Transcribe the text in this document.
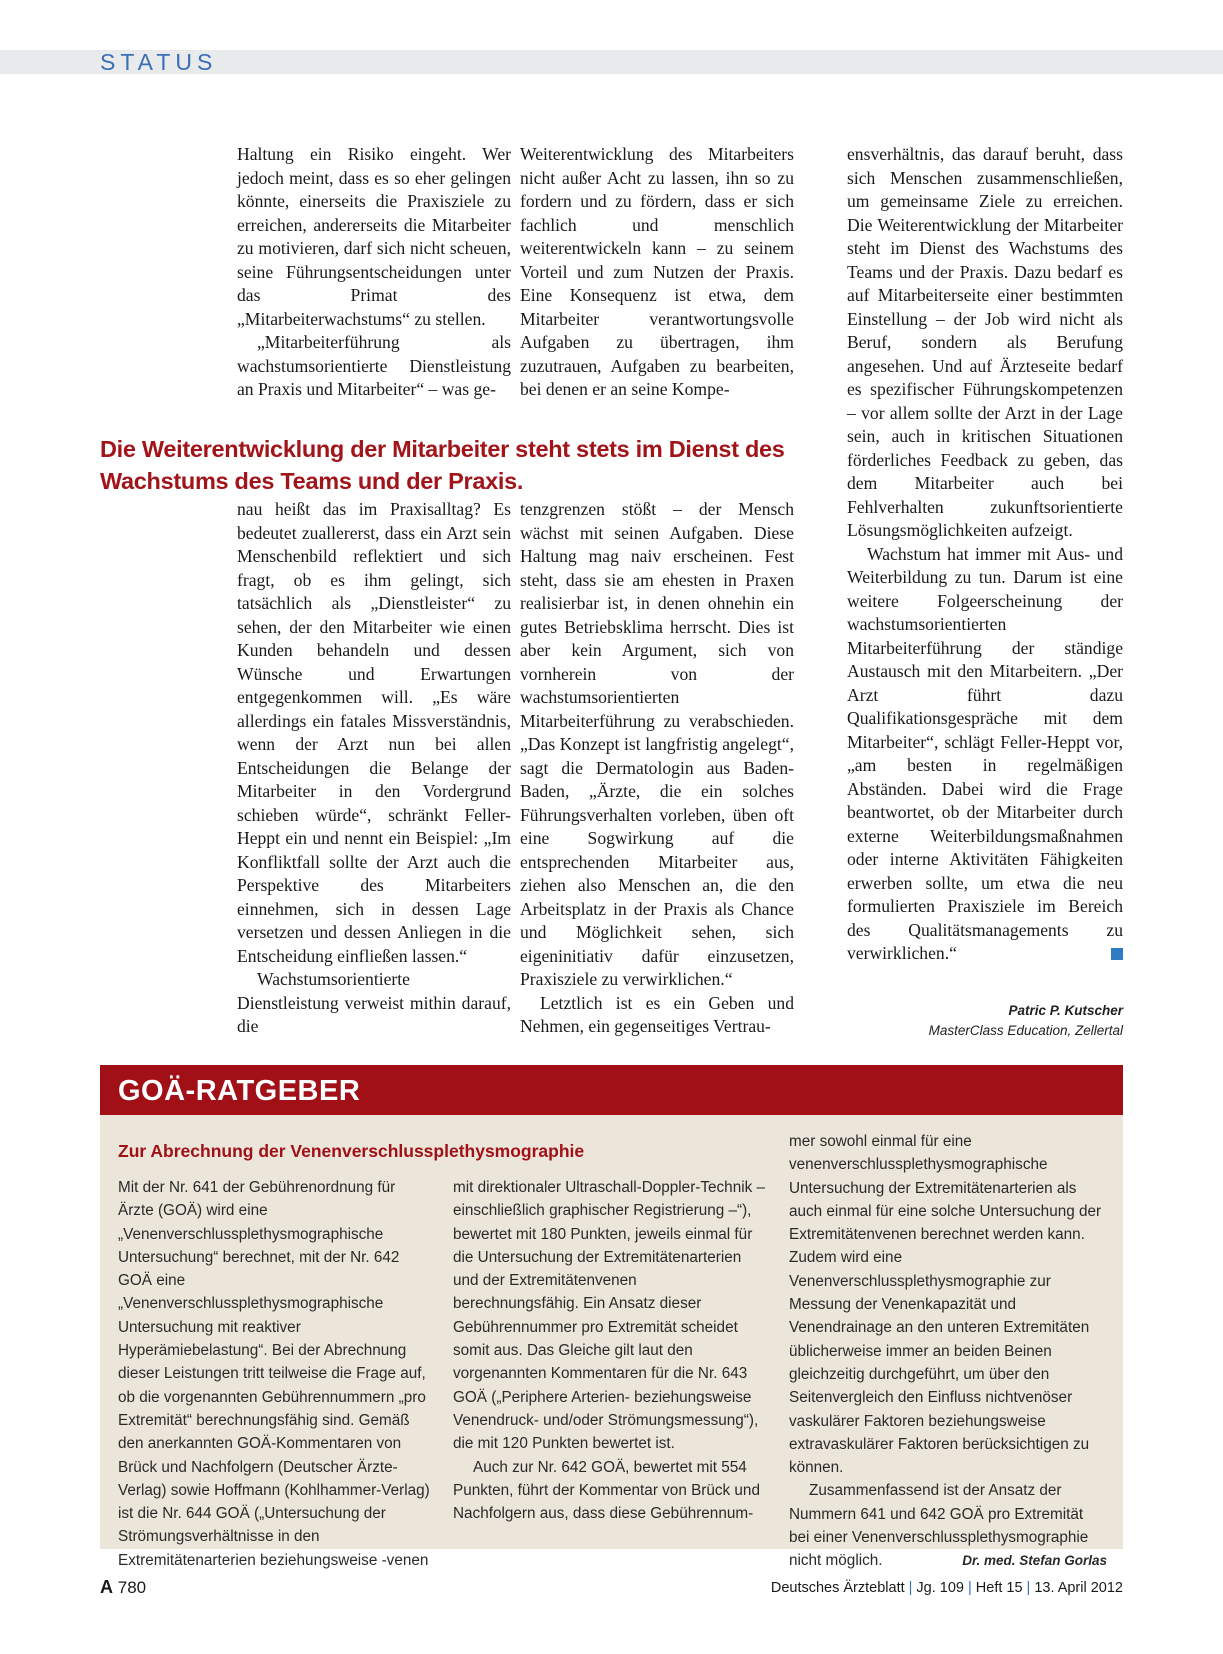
STATUS

Haltung ein Risiko eingeht. Wer jedoch meint, dass es so eher gelingen könnte, einerseits die Praxisziele zu erreichen, andererseits die Mitarbeiter zu motivieren, darf sich nicht scheuen, seine Führungsentscheidungen unter das Primat des „Mitarbeiterwachstums“ zu stellen.

„Mitarbeiterführung als wachstumsorientierte Dienstleistung an Praxis und Mitarbeiter“ – was ge-

Weiterentwicklung des Mitarbeiters nicht außer Acht zu lassen, ihn so zu fordern und zu fördern, dass er sich fachlich und menschlich weiterentwickeln kann – zu seinem Vorteil und zum Nutzen der Praxis. Eine Konsequenz ist etwa, dem Mitarbeiter verantwortungsvolle Aufgaben zu übertragen, ihm zuzutrauen, Aufgaben zu bearbeiten, bei denen er an seine Kompe-

Die Weiterentwicklung der Mitarbeiter steht stets im Dienst des Wachstums des Teams und der Praxis.

nau heißt das im Praxisalltag? Es bedeutet zuallererst, dass ein Arzt sein Menschenbild reflektiert und sich fragt, ob es ihm gelingt, sich tatsächlich als „Dienstleister“ zu sehen, der den Mitarbeiter wie einen Kunden behandeln und dessen Wünsche und Erwartungen entgegenkommen will. „Es wäre allerdings ein fatales Missverständnis, wenn der Arzt nun bei allen Entscheidungen die Belange der Mitarbeiter in den Vordergrund schieben würde“, schränkt Feller-Heppt ein und nennt ein Beispiel: „Im Konfliktfall sollte der Arzt auch die Perspektive des Mitarbeiters einnehmen, sich in dessen Lage versetzen und dessen Anliegen in die Entscheidung einfließen lassen.“

Wachstumsorientierte Dienstleistung verweist mithin darauf, die

tenzgrenzen stößt – der Mensch wächst mit seinen Aufgaben. Diese Haltung mag naiv erscheinen. Fest steht, dass sie am ehesten in Praxen realisierbar ist, in denen ohnehin ein gutes Betriebsklima herrscht. Dies ist aber kein Argument, sich von vornherein von der wachstumsorientierten Mitarbeiterführung zu verabschieden. „Das Konzept ist langfristig angelegt“, sagt die Dermatologin aus Baden-Baden, „Ärzte, die ein solches Führungsverhalten vorleben, üben oft eine Sogwirkung auf die entsprechenden Mitarbeiter aus, ziehen also Menschen an, die den Arbeitsplatz in der Praxis als Chance und Möglichkeit sehen, sich eigeninitiativ dafür einzusetzen, Praxisziele zu verwirklichen.“

Letztlich ist es ein Geben und Nehmen, ein gegenseitiges Vertrau-

ensverhältnis, das darauf beruht, dass sich Menschen zusammenschließen, um gemeinsame Ziele zu erreichen. Die Weiterentwicklung der Mitarbeiter steht im Dienst des Wachstums des Teams und der Praxis. Dazu bedarf es auf Mitarbeiterseite einer bestimmten Einstellung – der Job wird nicht als Beruf, sondern als Berufung angesehen. Und auf Ärzteseite bedarf es spezifischer Führungskompetenzen – vor allem sollte der Arzt in der Lage sein, auch in kritischen Situationen förderliches Feedback zu geben, das dem Mitarbeiter auch bei Fehlverhalten zukunftsorientierte Lösungsmöglichkeiten aufzeigt.

Wachstum hat immer mit Aus- und Weiterbildung zu tun. Darum ist eine weitere Folgeerscheinung der wachstumsorientierten Mitarbeiterführung der ständige Austausch mit den Mitarbeitern. „Der Arzt führt dazu Qualifikationsgespräche mit dem Mitarbeiter“, schlägt Feller-Heppt vor, „am besten in regelmäßigen Abständen. Dabei wird die Frage beantwortet, ob der Mitarbeiter durch externe Weiterbildungsmaßnahmen oder interne Aktivitäten Fähigkeiten erwerben sollte, um etwa die neu formulierten Praxisziele im Bereich des Qualitätsmanagements zu verwirklichen.“

Patric P. Kutscher
MasterClass Education, Zellertal
GOÄ-RATGEBER
Zur Abrechnung der Venenverschlussplethysmographie

Mit der Nr. 641 der Gebührenordnung für Ärzte (GOÄ) wird eine „Venenverschlussplethysmographische Untersuchung“ berechnet, mit der Nr. 642 GOÄ eine „Venenverschlussplethysmographische Untersuchung mit reaktiver Hyperämiebelastung“. Bei der Abrechnung dieser Leistungen tritt teilweise die Frage auf, ob die vorgenannten Gebührennummern „pro Extremität“ berechnungsfähig sind. Gemäß den anerkannten GOÄ-Kommentaren von Brück und Nachfolgern (Deutscher Ärzte-Verlag) sowie Hoffmann (Kohlhammer-Verlag) ist die Nr. 644 GOÄ („Untersuchung der Strömungsverhältnisse in den Extremitätenarterien beziehungsweise -venen

mit direktionaler Ultraschall-Doppler-Technik – einschließlich graphischer Registrierung –“), bewertet mit 180 Punkten, jeweils einmal für die Untersuchung der Extremitätenarterien und der Extremitätenvenen berechnungsfähig. Ein Ansatz dieser Gebührennummer pro Extremität scheidet somit aus. Das Gleiche gilt laut den vorgenannten Kommentaren für die Nr. 643 GOÄ („Periphere Arterien- beziehungsweise Venendruck- und/oder Strömungsmessung“), die mit 120 Punkten bewertet ist.

Auch zur Nr. 642 GOÄ, bewertet mit 554 Punkten, führt der Kommentar von Brück und Nachfolgern aus, dass diese Gebührennum-

mer sowohl einmal für eine venenverschlussplethysmographische Untersuchung der Extremitätenarterien als auch einmal für eine solche Untersuchung der Extremitätenvenen berechnet werden kann. Zudem wird eine Venenverschlussplethysmographie zur Messung der Venenkapazität und Venendrainage an den unteren Extremitäten üblicherweise immer an beiden Beinen gleichzeitig durchgeführt, um über den Seitenvergleich den Einfluss nichtvenöser vaskulärer Faktoren beziehungsweise extravaskulärer Faktoren berücksichtigen zu können.

Zusammenfassend ist der Ansatz der Nummern 641 und 642 GOÄ pro Extremität bei einer Venenverschlussplethysmographie nicht möglich.	Dr. med. Stefan Gorlas

A 780	Deutsches Ärzteblatt | Jg. 109 | Heft 15 | 13. April 2012
